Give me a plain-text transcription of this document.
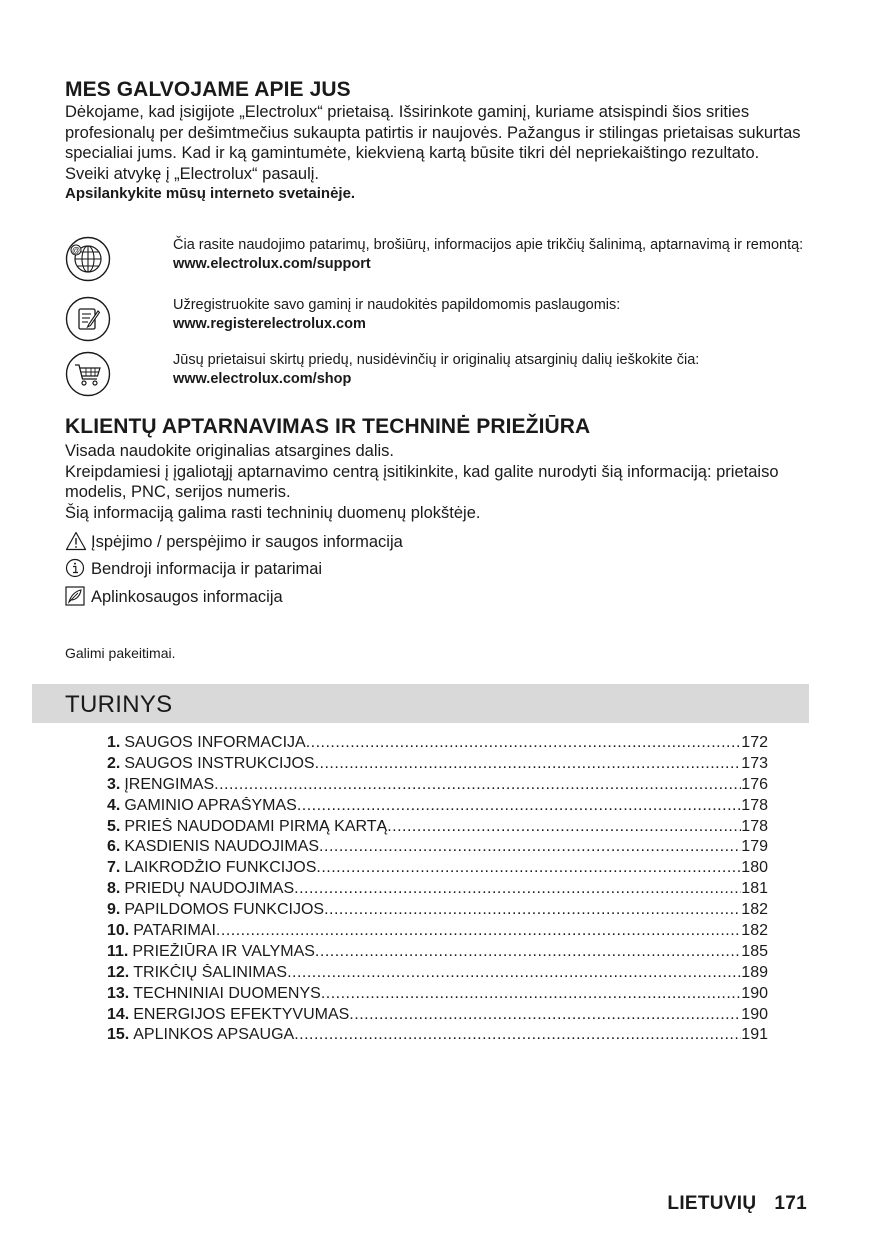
MES GALVOJAME APIE JUS

Dėkojame, kad įsigijote „Electrolux“ prietaisą. Išsirinkote gaminį, kuriame atsispindi šios srities profesionalų per dešimtmečius sukaupta patirtis ir naujovės. Pažangus ir stilingas prietaisas sukurtas specialiai jums. Kad ir ką gamintumėte, kiekvieną kartą būsite tikri dėl nepriekaištingo rezultato.

Sveiki atvykę į „Electrolux“ pasaulį.

Apsilankykite mūsų interneto svetainėje.

@	Čia rasite naudojimo patarimų, brošiūrų, informacijos apie trikčių šalinimą, aptarnavimą ir remontą:
www.electrolux.com/support
Užregistruokite savo gaminį ir naudokitės papildomomis paslaugomis:
www.registerelectrolux.com
Jūsų prietaisui skirtų priedų, nusidėvinčių ir originalių atsarginių dalių ieškokite čia:
www.electrolux.com/shop
KLIENTŲ APTARNAVIMAS IR TECHNINĖ PRIEŽIŪRA

Visada naudokite originalias atsargines dalis.

Kreipdamiesi į įgaliotąjį aptarnavimo centrą įsitikinkite, kad galite nurodyti šią informaciją: prietaiso modelis, PNC, serijos numeris.

Šią informaciją galima rasti techninių duomenų plokštėje.

Įspėjimo / perspėjimo ir saugos informacija
Bendroji informacija ir patarimai
Aplinkosaugos informacija
Galimi pakeitimai.
TURINYS
1. SAUGOS INFORMACIJA .....	172
2. SAUGOS INSTRUKCIJOS .....	173
3. ĮRENGIMAS .....	176
4. GAMINIO APRAŠYMAS .....	178
5. PRIEŠ NAUDODAMI PIRMĄ KARTĄ .....	178
6. KASDIENIS NAUDOJIMAS .....	179
7. LAIKRODŽIO FUNKCIJOS .....	180
8. PRIEDŲ NAUDOJIMAS .....	181
9. PAPILDOMOS FUNKCIJOS .....	182
10. PATARIMAI .....	182
11. PRIEŽIŪRA IR VALYMAS .....	185
12. TRIKČIŲ ŠALINIMAS .....	189
13. TECHNINIAI DUOMENYS .....	190
14. ENERGIJOS EFEKTYVUMAS .....	190
15. APLINKOS APSAUGA .....	191
LIETUVIŲ 171
